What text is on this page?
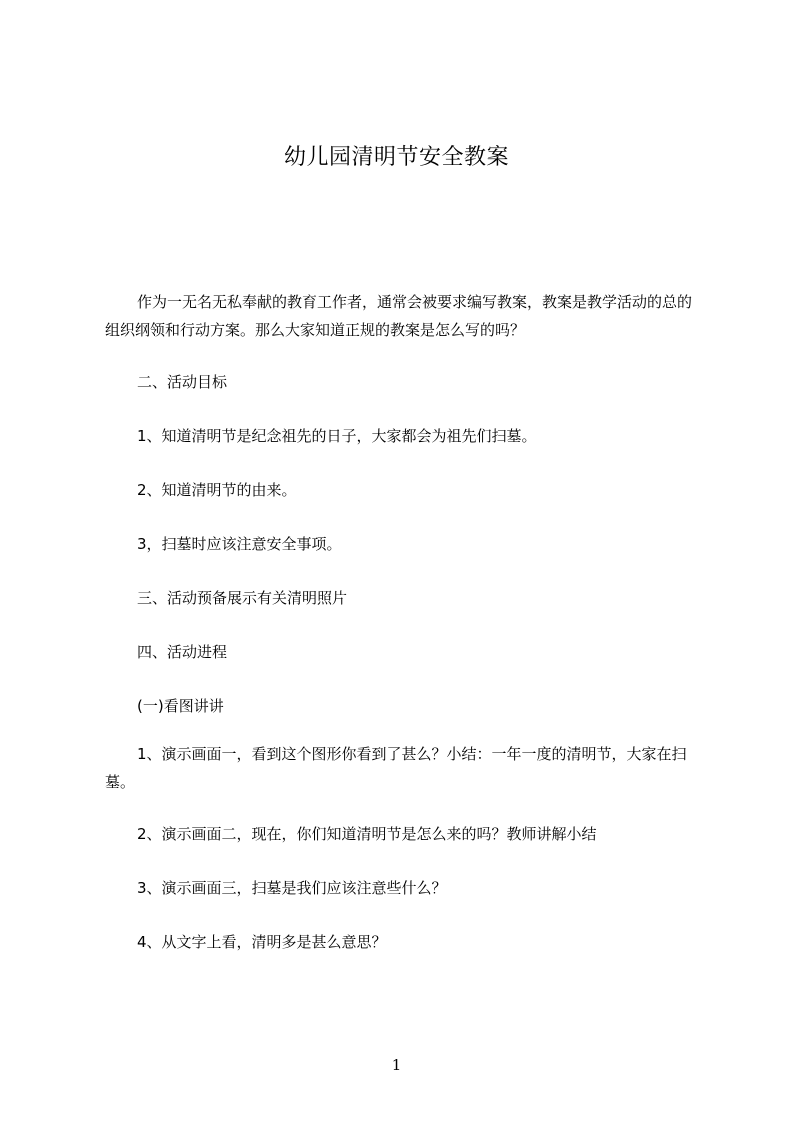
幼儿园清明节安全教案
作为一无名无私奉献的教育工作者，通常会被要求编写教案，教案是教学活动的总的组织纲领和行动方案。那么大家知道正规的教案是怎么写的吗？
二、活动目标
1、知道清明节是纪念祖先的日子，大家都会为祖先们扫墓。
2、知道清明节的由来。
3，扫墓时应该注意安全事项。
三、活动预备展示有关清明照片
四、活动进程
(一)看图讲讲
1、演示画面一，看到这个图形你看到了甚么？小结：一年一度的清明节，大家在扫墓。
2、演示画面二，现在，你们知道清明节是怎么来的吗？教师讲解小结
3、演示画面三，扫墓是我们应该注意些什么？
4、从文字上看，清明多是甚么意思？
1
